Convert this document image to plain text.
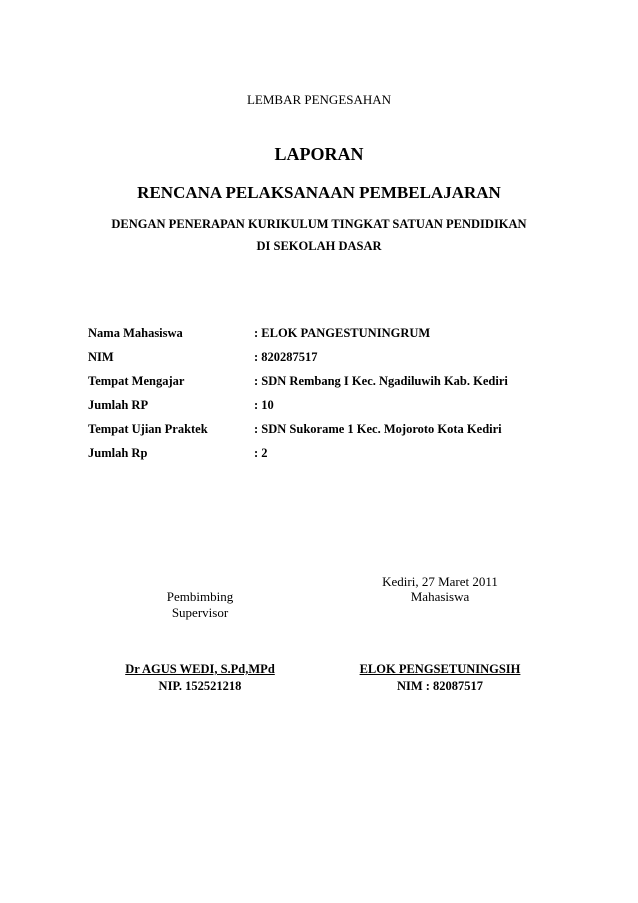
LEMBAR PENGESAHAN
LAPORAN
RENCANA PELAKSANAAN PEMBELAJARAN
DENGAN PENERAPAN KURIKULUM TINGKAT SATUAN PENDIDIKAN
DI SEKOLAH DASAR
Nama Mahasiswa	: ELOK PANGESTUNINGRUM
NIM	: 820287517
Tempat Mengajar	: SDN Rembang I Kec. Ngadiluwih Kab. Kediri
Jumlah RP	: 10
Tempat Ujian Praktek	: SDN Sukorame 1 Kec. Mojoroto Kota Kediri
Jumlah Rp	: 2
Kediri, 27 Maret 2011
Mahasiswa
Pembimbing
Supervisor
Dr AGUS WEDI, S.Pd,MPd
NIP. 152521218
ELOK PENGSETUNINGSIH
NIM : 82087517
